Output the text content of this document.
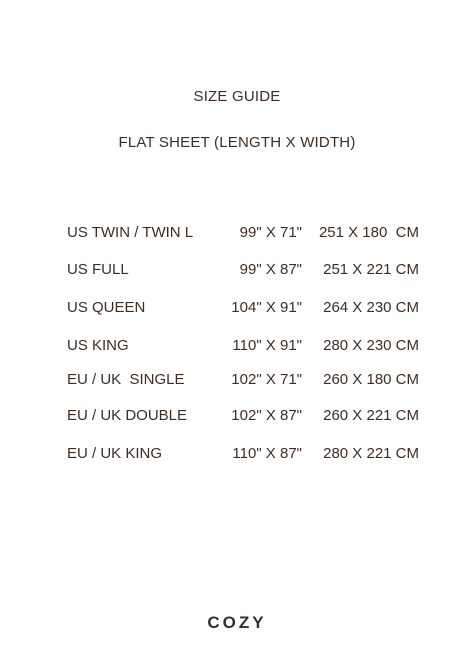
SIZE GUIDE
FLAT SHEET (LENGTH X WIDTH)
US TWIN / TWIN L	99" X 71" 251 X 180  CM
US FULL	99" X 87" 251 X 221 CM
US QUEEN	104" X 91" 264 X 230 CM
US KING	110" X 91" 280 X 230 CM
EU / UK  SINGLE	102" X 71" 260 X 180 CM
EU / UK DOUBLE	102" X 87" 260 X 221 CM
EU / UK KING	110" X 87" 280 X 221 CM
COZY
